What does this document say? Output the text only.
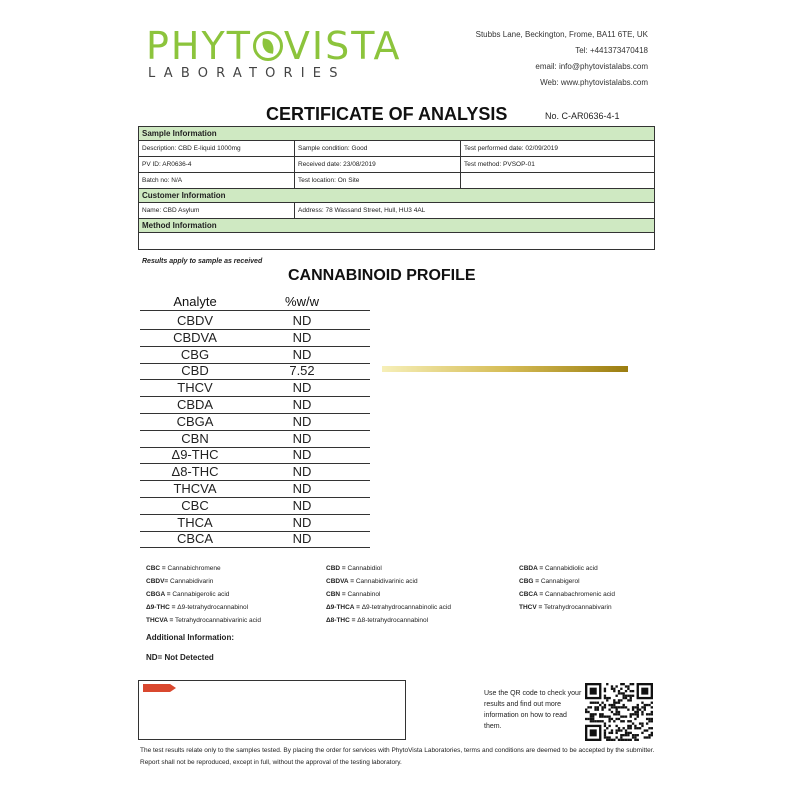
PHYT VISTA
LABORATORIES
Stubbs Lane, Beckington, Frome, BA11 6TE, UK
Tel: +441373470418
email: info@phytovistalabs.com
Web: www.phytovistalabs.com
CERTIFICATE OF ANALYSIS	No. C-AR0636-4-1
Sample Information		
Description: CBD E-liquid 1000mg	Sample condition: Good	Test performed date: 02/09/2019
PV ID: AR0636-4	Received date: 23/08/2019	Test method: PVSOP-01
Batch no: N/A	Test location: On Site	
Customer Information		
Name: CBD Asylum	Address: 78 Wassand Street, Hull, HU3 4AL	
Method Information		

Results apply to sample as received
CANNABINOID PROFILE
Analyte	%w/w
CBDV	ND
CBDVA	ND
CBG	ND
CBD	7.52
THCV	ND
CBDA	ND
CBGA	ND
CBN	ND
Δ9-THC	ND
Δ8-THC	ND
THCVA	ND
CBC	ND
THCA	ND
CBCA	ND
CBC = Cannabichromene
CBDV= Cannabidivarin
CBGA = Cannabigerolic acid
Δ9-THC = Δ9-tetrahydrocannabinol
THCVA = Tetrahydrocannabivarinic acid
CBD = Cannabidiol
CBDVA = Cannabidivarinic acid
CBN = Cannabinol
Δ9-THCA = Δ9-tetrahydrocannabinolic acid
Δ8-THC = Δ8-tetrahydrocannabinol
CBDA = Cannabidiolic acid
CBG = Cannabigerol
CBCA = Cannabachromenic acid
THCV = Tetrahydrocannabivarin
Additional Information:
ND= Not Detected
Use the QR code to check your results and find out more information on how to read them.
The test results relate only to the samples tested. By placing the order for services with PhytoVista Laboratories, terms and conditions are deemed to be accepted by the submitter. Report shall not be reproduced, except in full, without the approval of the testing laboratory.
